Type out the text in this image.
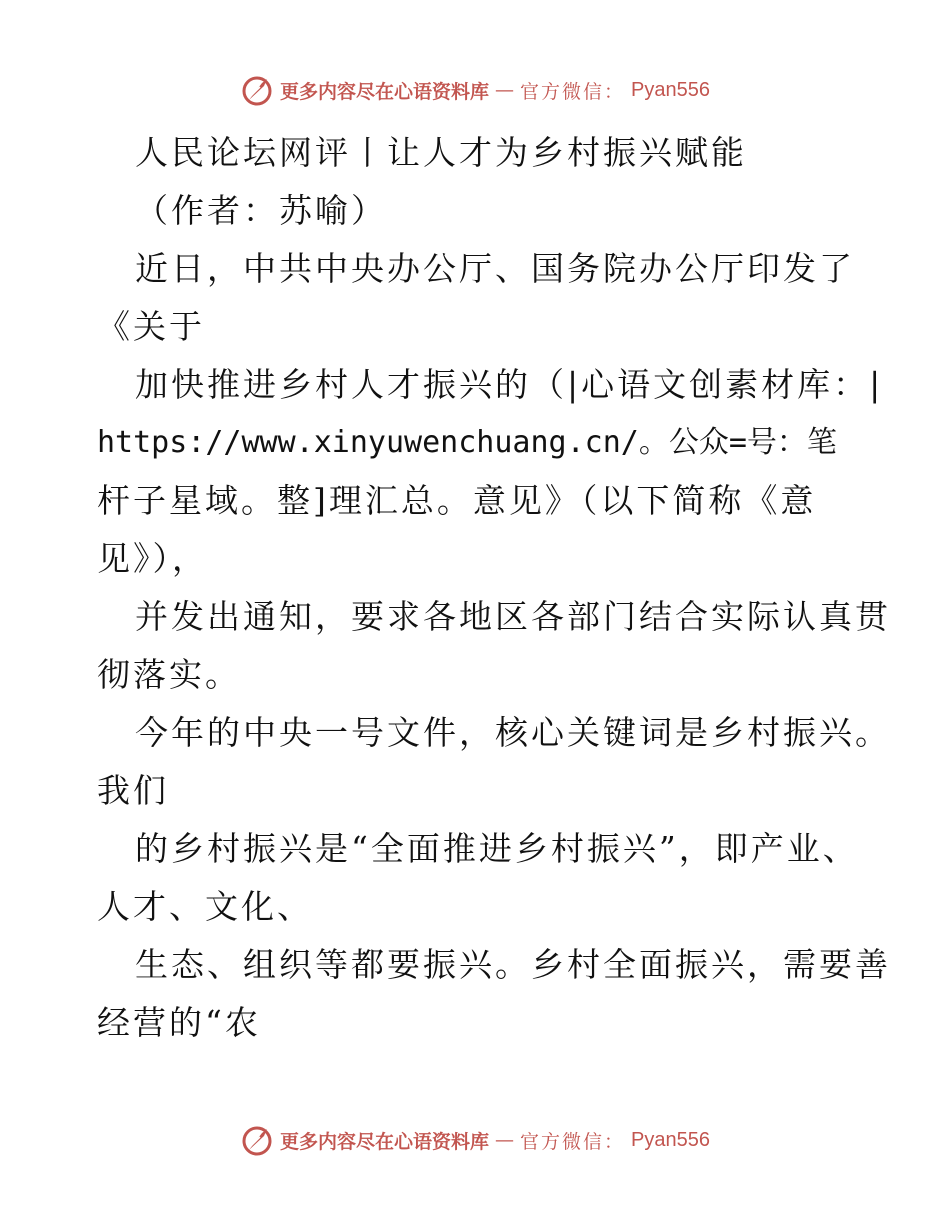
更多内容尽在心语资料库 — 官方微信： Pyan556
人民论坛网评丨让人才为乡村振兴赋能
（作者：苏喻）
近日，中共中央办公厅、国务院办公厅印发了
《关于
加快推进乡村人才振兴的（|心语文创素材库：|
https://www.xinyuwenchuang.cn/。公众=号：笔
杆子星域。整]理汇总。意见》（以下简称《意
见》），
并发出通知，要求各地区各部门结合实际认真贯
彻落实。
今年的中央一号文件，核心关键词是乡村振兴。
我们
的乡村振兴是“全面推进乡村振兴”，即产业、
人才、文化、
生态、组织等都要振兴。乡村全面振兴，需要善
经营的“农
更多内容尽在心语资料库 — 官方微信： Pyan556
